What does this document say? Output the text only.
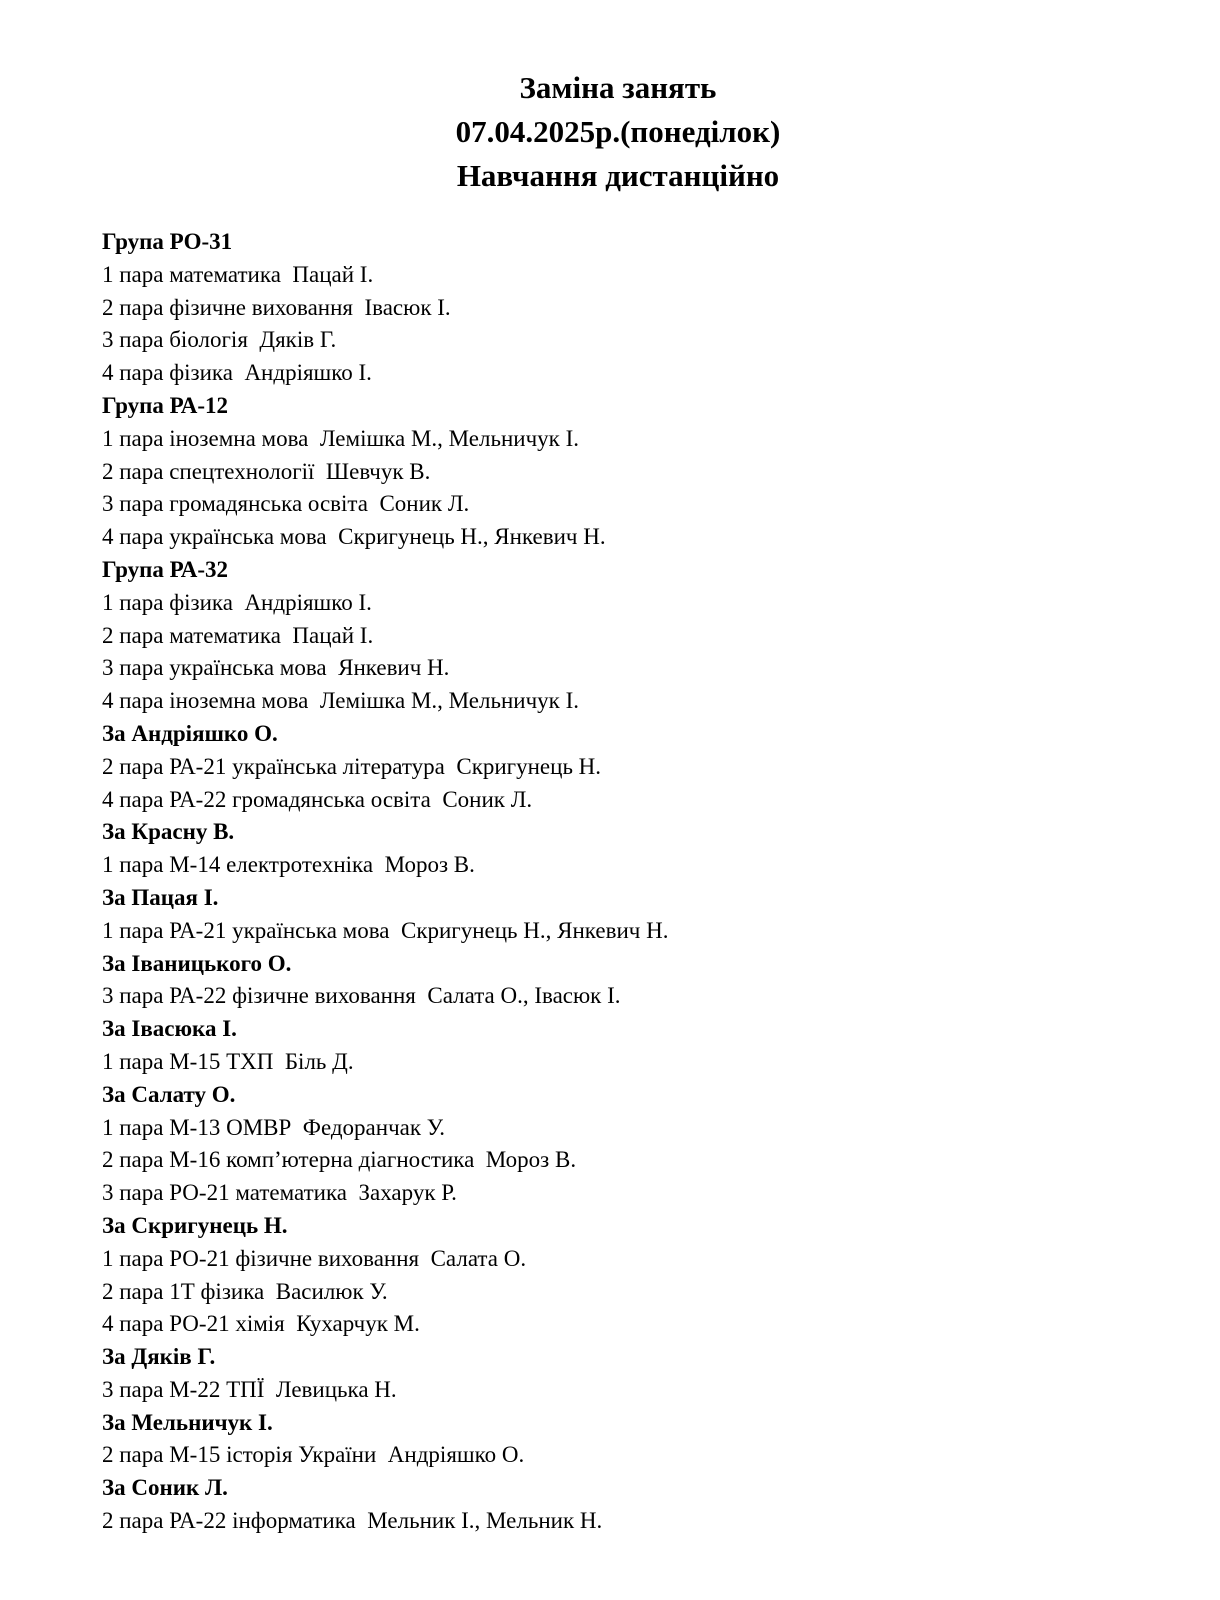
Заміна занять
07.04.2025р.(понеділок)
Навчання дистанційно
Група РО-31
1 пара математика  Пацай І.
2 пара фізичне виховання  Івасюк І.
3 пара біологія  Дяків Г.
4 пара фізика  Андріяшко І.
Група РА-12
1 пара іноземна мова  Лемішка М., Мельничук І.
2 пара спецтехнології  Шевчук В.
3 пара громадянська освіта  Соник Л.
4 пара українська мова  Скригунець Н., Янкевич Н.
Група РА-32
1 пара фізика  Андріяшко І.
2 пара математика  Пацай І.
3 пара українська мова  Янкевич Н.
4 пара іноземна мова  Лемішка М., Мельничук І.
За Андріяшко О.
2 пара РА-21 українська література  Скригунець Н.
4 пара РА-22 громадянська освіта  Соник Л.
За Красну В.
1 пара М-14 електротехніка  Мороз В.
За Пацая І.
1 пара РА-21 українська мова  Скригунець Н., Янкевич Н.
За Іваницького О.
3 пара РА-22 фізичне виховання  Салата О., Івасюк І.
За Івасюка І.
1 пара М-15 ТХП  Біль Д.
За Салату О.
1 пара М-13 ОМВР  Федоранчак У.
2 пара М-16 комп’ютерна діагностика  Мороз В.
3 пара РО-21 математика  Захарук Р.
За Скригунець Н.
1 пара РО-21 фізичне виховання  Салата О.
2 пара 1Т фізика  Василюк У.
4 пара РО-21 хімія  Кухарчук М.
За Дяків Г.
3 пара М-22 ТПЇ  Левицька Н.
За Мельничук І.
2 пара М-15 історія України  Андріяшко О.
За Соник Л.
2 пара РА-22 інформатика  Мельник І., Мельник Н.
